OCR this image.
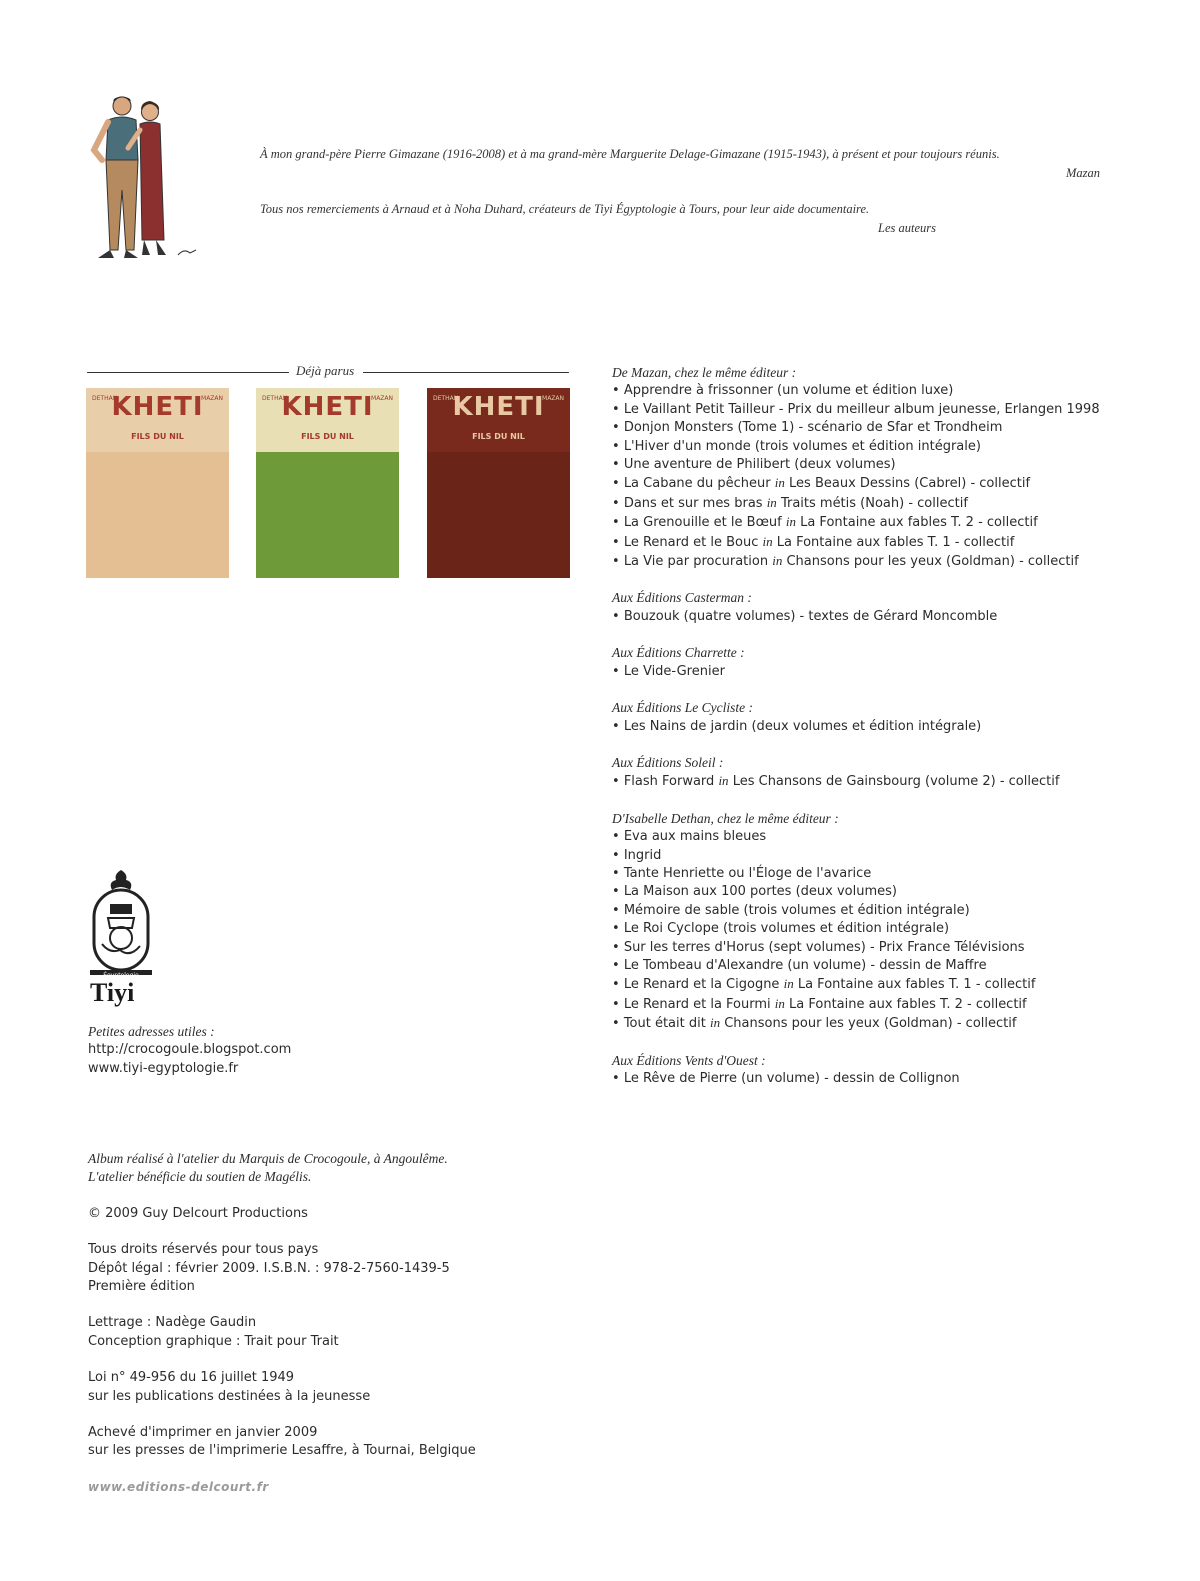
À mon grand-père Pierre Gimazane (1916-2008) et à ma grand-mère Marguerite Delage-Gimazane (1915-1943), à présent et pour toujours réunis.
Mazan
Tous nos remerciements à Arnaud et à Noha Duhard, créateurs de Tiyi Égyptologie à Tours, pour leur aide documentaire.
Les auteurs
Déjà parus
KHETI
FILS DU NIL
DETHAN	MAZAN	KHETI
FILS DU NIL
DETHAN	MAZAN	KHETI
FILS DU NIL
DETHAN	MAZAN
De Mazan, chez le même éditeur :
• Apprendre à frissonner (un volume et édition luxe)
• Le Vaillant Petit Tailleur - Prix du meilleur album jeunesse, Erlangen 1998
• Donjon Monsters (Tome 1) - scénario de Sfar et Trondheim
• L'Hiver d'un monde (trois volumes et édition intégrale)
• Une aventure de Philibert (deux volumes)
• La Cabane du pêcheur in Les Beaux Dessins (Cabrel) - collectif
• Dans et sur mes bras in Traits métis (Noah) - collectif
• La Grenouille et le Bœuf in La Fontaine aux fables T. 2 - collectif
• Le Renard et le Bouc in La Fontaine aux fables T. 1 - collectif
• La Vie par procuration in Chansons pour les yeux (Goldman) - collectif
Aux Éditions Casterman :
• Bouzouk (quatre volumes) - textes de Gérard Moncomble
Aux Éditions Charrette :
• Le Vide-Grenier
Aux Éditions Le Cycliste :
• Les Nains de jardin (deux volumes et édition intégrale)
Aux Éditions Soleil :
• Flash Forward in Les Chansons de Gainsbourg (volume 2) - collectif
D'Isabelle Dethan, chez le même éditeur :
• Eva aux mains bleues
• Ingrid
• Tante Henriette ou l'Éloge de l'avarice
• La Maison aux 100 portes (deux volumes)
• Mémoire de sable (trois volumes et édition intégrale)
• Le Roi Cyclope (trois volumes et édition intégrale)
• Sur les terres d'Horus (sept volumes) - Prix France Télévisions
• Le Tombeau d'Alexandre (un volume) - dessin de Maffre
• Le Renard et la Cigogne in La Fontaine aux fables T. 1 - collectif
• Le Renard et la Fourmi in La Fontaine aux fables T. 2 - collectif
• Tout était dit in Chansons pour les yeux (Goldman) - collectif
Aux Éditions Vents d'Ouest :
• Le Rêve de Pierre (un volume) - dessin de Collignon
Égyptologie
Tiyi
Petites adresses utiles :
http://crocogoule.blogspot.com
www.tiyi-egyptologie.fr
Album réalisé à l'atelier du Marquis de Crocogoule, à Angoulême.
L'atelier bénéficie du soutien de Magélis.
© 2009 Guy Delcourt Productions
Tous droits réservés pour tous pays
Dépôt légal : février 2009. I.S.B.N. : 978-2-7560-1439-5
Première édition
Lettrage : Nadège Gaudin
Conception graphique : Trait pour Trait
Loi n° 49-956 du 16 juillet 1949
sur les publications destinées à la jeunesse
Achevé d'imprimer en janvier 2009
sur les presses de l'imprimerie Lesaffre, à Tournai, Belgique
www.editions-delcourt.fr
